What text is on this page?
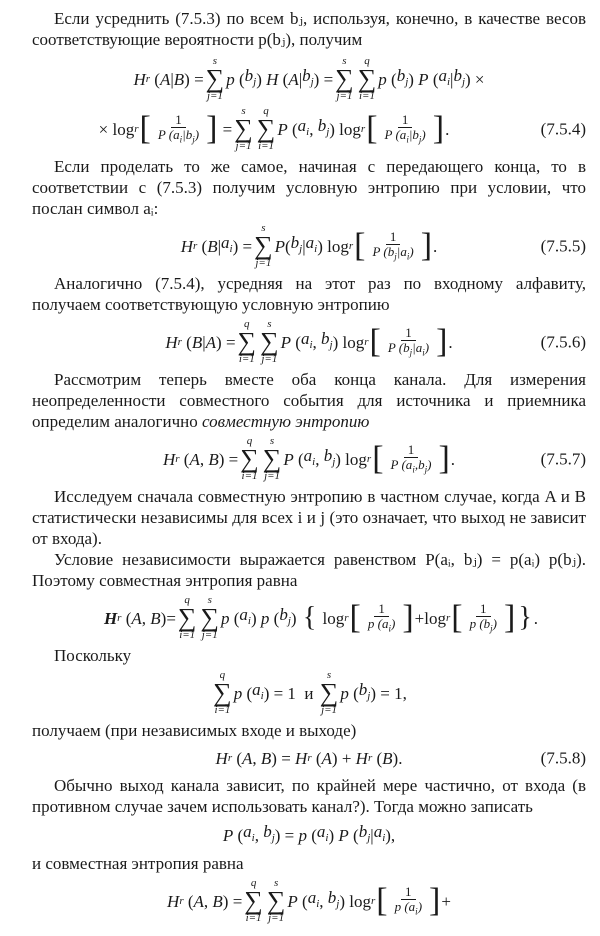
Если усреднить (7.5.3) по всем bⱼ, используя, конечно, в качестве весов соответствующие вероятности p(bⱼ), получим

H r ( A | B ) =
s
∑
j=1
p ( $b_j$ ) H ( A | $b_j$ ) =
s
∑
j=1
q
∑
i=1
p ( $b_j$ ) P ( $a_i$ | $b_j$ ) ×
× log r [ $\frac{1}{P (a_i|b_j)}$ ] =
s
∑
j=1
q
∑
i=1
P ( $a_i$ , $b_j$ ) log r [ $\frac{1}{P (a_i|b_j)}$ ] .	(7.5.4)

Если проделать то же самое, начиная с передающего конца, то в соответствии с (7.5.3) получим условную энтропию при условии, что послан символ aᵢ:

H r ( B | $a_i$ ) =
s
∑
j=1
P ( $b_j$ | $a_i$ ) log r [ $\frac{1}{P (b_j|a_i)}$ ] .	(7.5.5)

Аналогично (7.5.4), усредняя на этот раз по входному алфавиту, получаем соответствующую условную энтропию

H r ( B | A ) =
q
∑
i=1
s
∑
j=1
P ( $a_i$ , $b_j$ ) log r [ $\frac{1}{P (b_j|a_i)}$ ] .	(7.5.6)

Рассмотрим теперь вместе оба конца канала. Для измерения неопределенности совместного события для источника и приемника определим аналогично совместную энтропию

H r ( A , B ) =
q
∑
i=1
s
∑
j=1
P ( $a_i$ , $b_j$ ) log r [ $\frac{1}{P (a_i,b_j)}$ ] .	(7.5.7)

Исследуем сначала совместную энтропию в частном случае, когда A и B статистически независимы для всех i и j (это означает, что выход не зависит от входа).

Условие независимости выражается равенством P(aᵢ, bⱼ) = p(aᵢ) p(bⱼ). Поэтому совместная энтропия равна

H r ( A , B )=
q
∑
i=1
s
∑
j=1
p ( $a_i$ ) p ( $b_j$ ) { log r [ $\frac{1}{p (a_i)}$ ] +log r [ $\frac{1}{p (b_j)}$ ] } .

Поскольку

q
∑
i=1
p ( $a_i$ ) = 1  и
s
∑
j=1
p ( $b_j$ ) = 1,

получаем (при независимых входе и выходе)

H r ( A , B ) = H r ( A ) + H r ( B ).	(7.5.8)

Обычно выход канала зависит, по крайней мере частично, от входа (в противном случае зачем использовать канал?). Тогда можно записать

P ( $a_i$ , $b_j$ ) = p ( $a_i$ ) P ( $b_j$ | $a_i$ ),

и совместная энтропия равна

H r ( A , B ) =
q
∑
i=1
s
∑
j=1
P ( $a_i$ , $b_j$ ) log r [ $\frac{1}{p (a_i)}$ ] +
